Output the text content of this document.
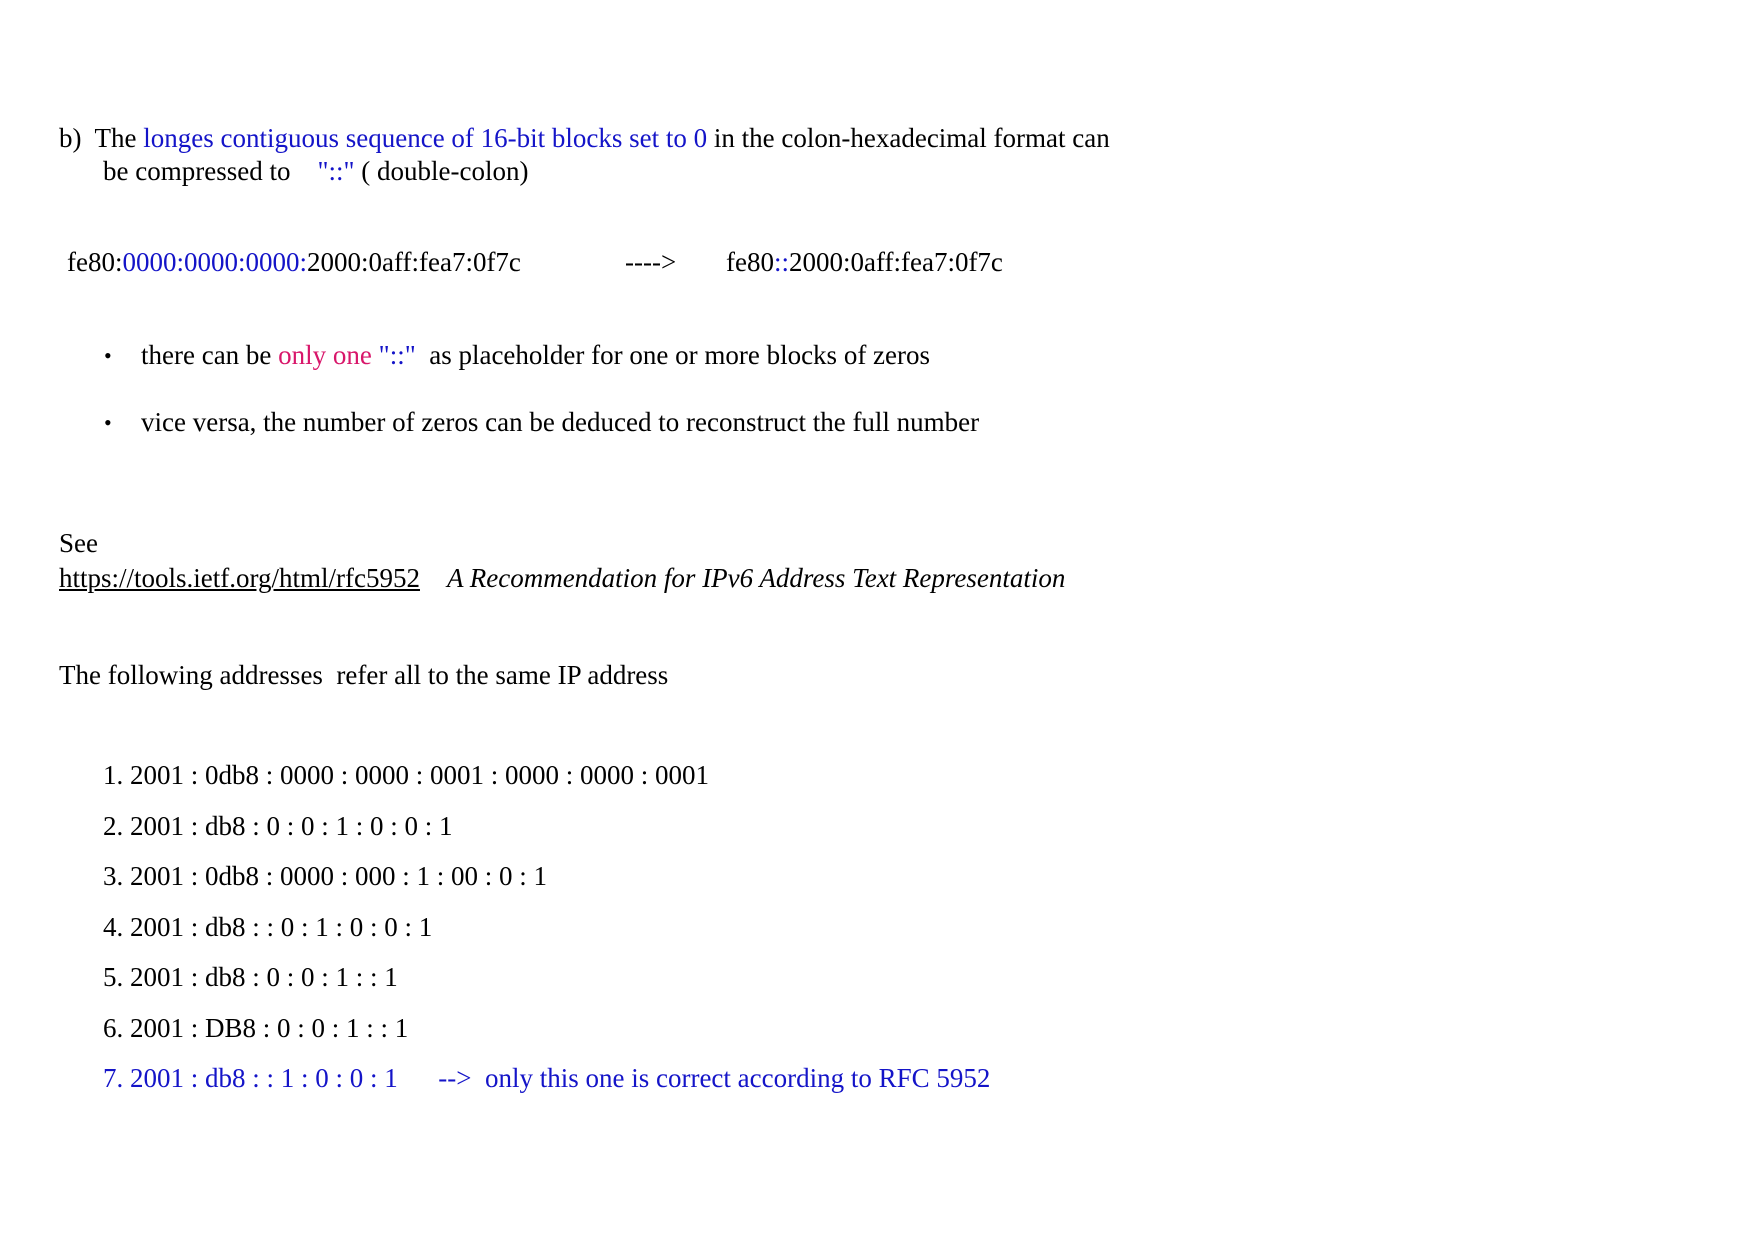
b) The longes contiguous sequence of 16-bit blocks set to 0 in the colon-hexadecimal format can
be compressed to "::" ( double-colon)
fe80:0000:0000:0000:2000:0aff:fea7:0f7c	----> fe80::2000:0aff:fea7:0f7c
• there can be only one "::" as placeholder for one or more blocks of zeros
• vice versa, the number of zeros can be deduced to reconstruct the full number
See
https://tools.ietf.org/html/rfc5952 A Recommendation for IPv6 Address Text Representation
The following addresses  refer all to the same IP address
1. 2001 : 0db8 : 0000 : 0000 : 0001 : 0000 : 0000 : 0001
2. 2001 : db8 : 0 : 0 : 1 : 0 : 0 : 1
3. 2001 : 0db8 : 0000 : 000 : 1 : 00 : 0 : 1
4. 2001 : db8 : : 0 : 1 : 0 : 0 : 1
5. 2001 : db8 : 0 : 0 : 1 : : 1
6. 2001 : DB8 : 0 : 0 : 1 : : 1
7. 2001 : db8 : : 1 : 0 : 0 : 1 -->  only this one is correct according to RFC 5952
